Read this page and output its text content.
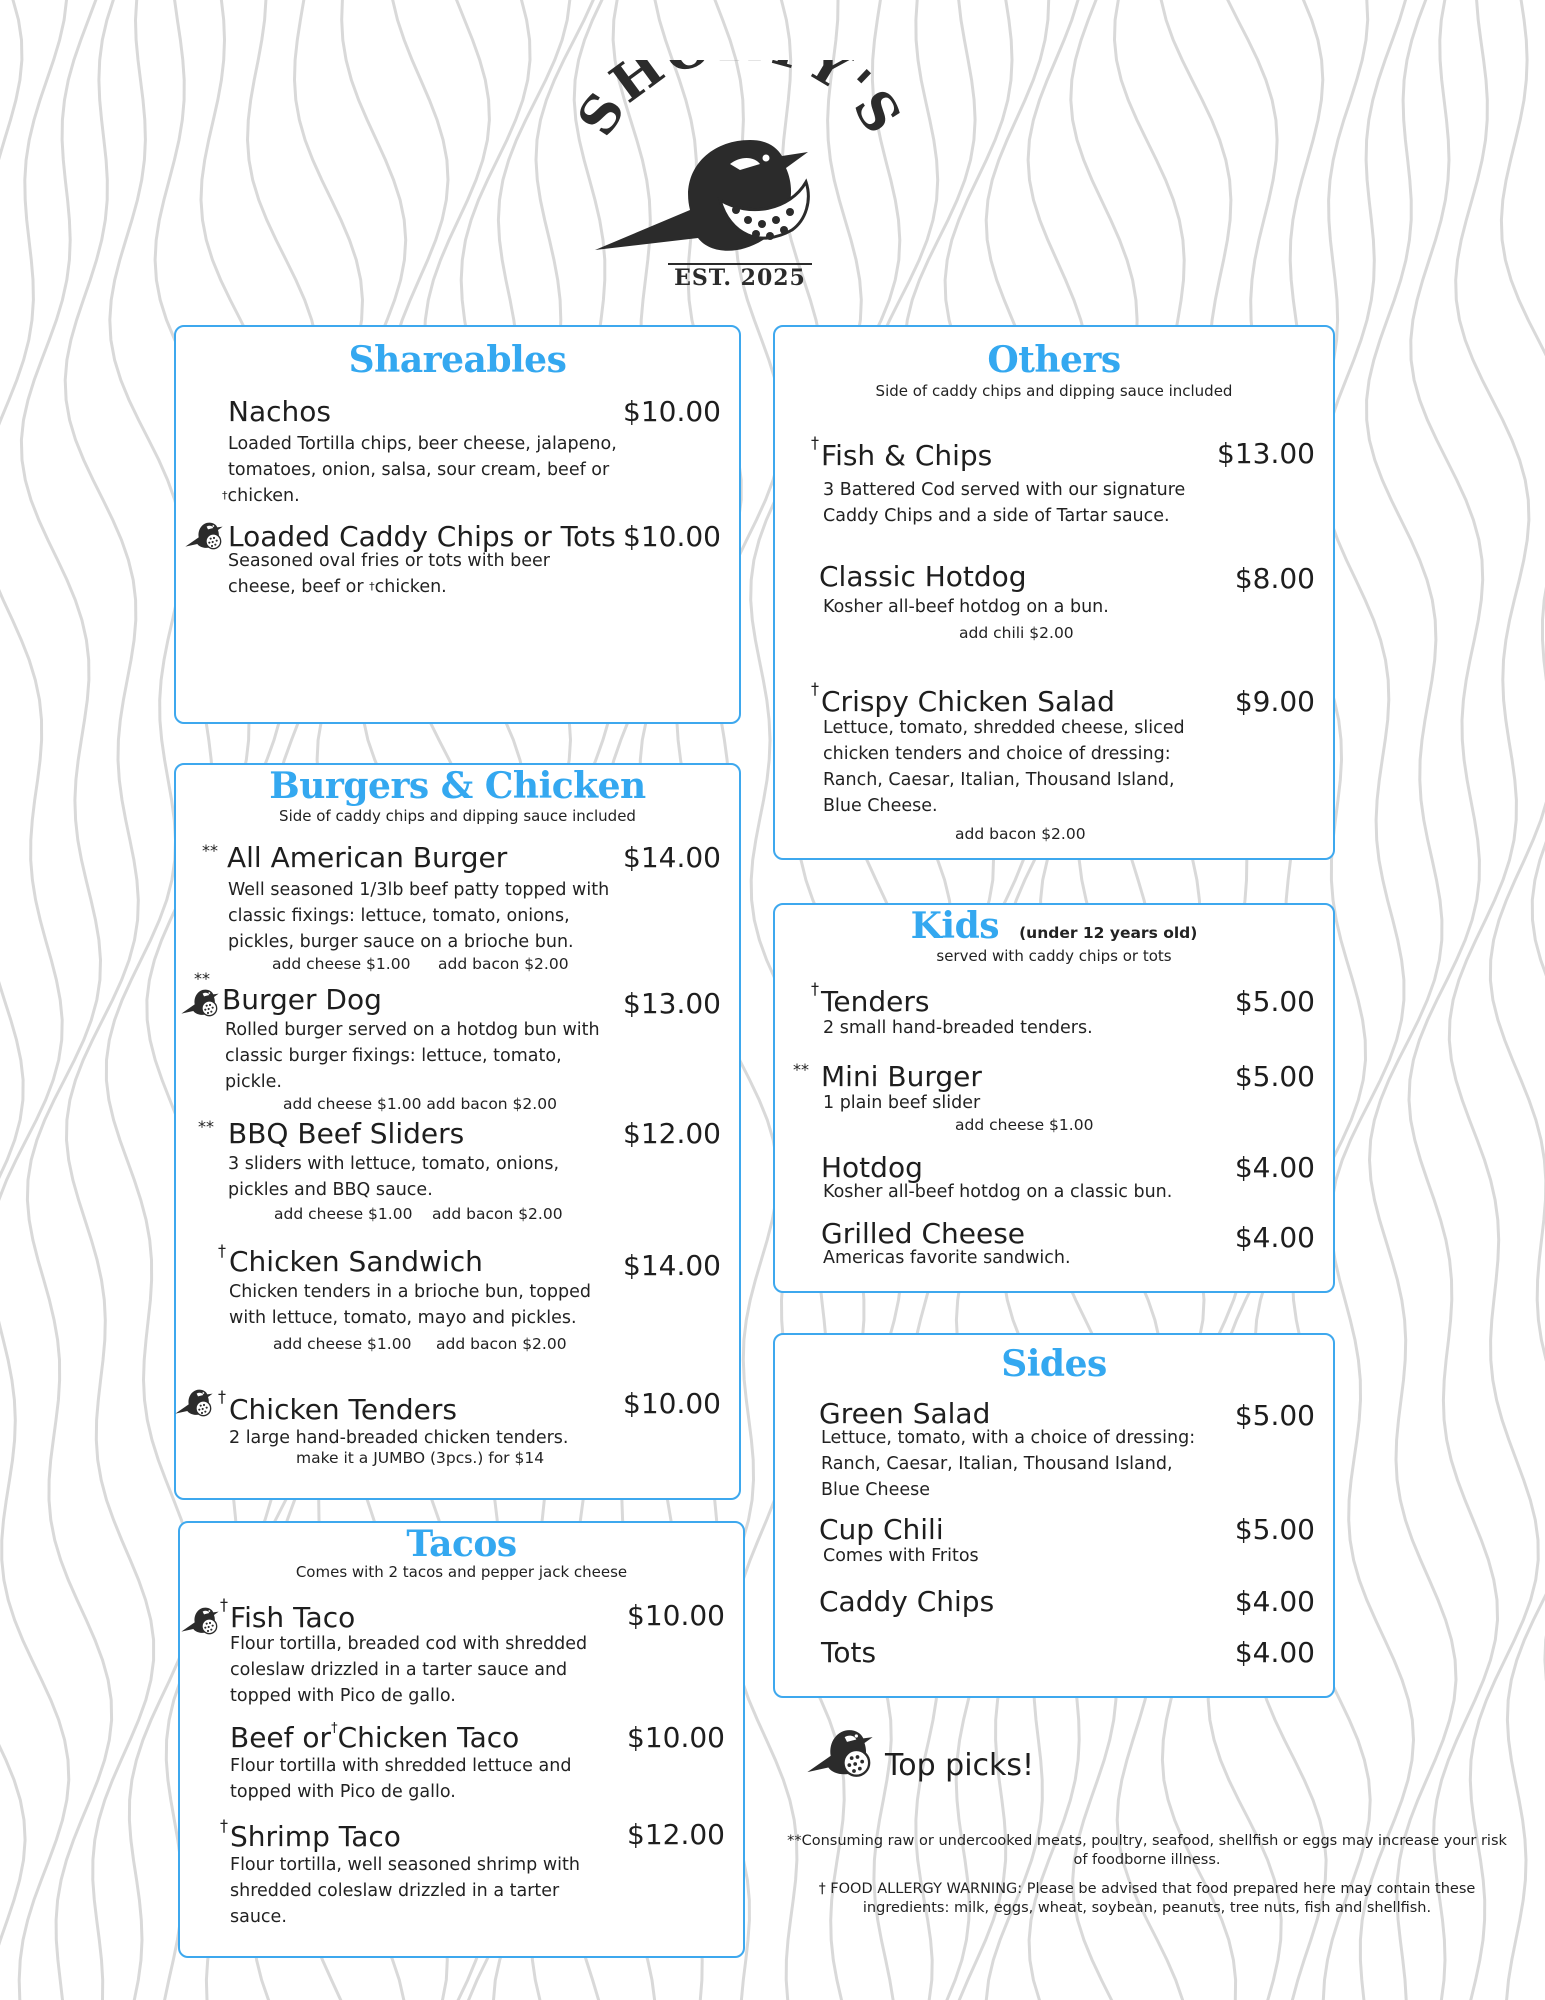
SH Y'S
EST. 2025
Shareables
Nachos	$10.00
Loaded Tortilla chips, beer cheese, jalapeno, tomatoes, onion, salsa, sour cream, beef or
†chicken.
Loaded Caddy Chips or Tots $10.00
Seasoned oval fries or tots with beer cheese, beef or †chicken.
Burgers & Chicken
Side of caddy chips and dipping sauce included
** All American Burger	$14.00
Well seasoned 1/3lb beef patty topped with classic fixings: lettuce, tomato, onions, pickles, burger sauce on a brioche bun.
add cheese $1.00 add bacon $2.00
**
Burger Dog	$13.00
Rolled burger served on a hotdog bun with classic burger fixings: lettuce, tomato, pickle.
add cheese $1.00 add bacon $2.00
** BBQ Beef Sliders	$12.00
3 sliders with lettuce, tomato, onions, pickles and BBQ sauce.
add cheese $1.00 add bacon $2.00
† Chicken Sandwich	$14.00
Chicken tenders in a brioche bun, topped with lettuce, tomato, mayo and pickles.
add cheese $1.00 add bacon $2.00
† Chicken Tenders	$10.00
2 large hand-breaded chicken tenders.
make it a JUMBO (3pcs.) for $14
Tacos
Comes with 2 tacos and pepper jack cheese
† Fish Taco	$10.00
Flour tortilla, breaded cod with shredded coleslaw drizzled in a tarter sauce and topped with Pico de gallo.
Beef or†Chicken Taco	$10.00
Flour tortilla with shredded lettuce and topped with Pico de gallo.
† Shrimp Taco	$12.00
Flour tortilla, well seasoned shrimp with shredded coleslaw drizzled in a tarter sauce.
Others
Side of caddy chips and dipping sauce included
† Fish & Chips	$13.00
3 Battered Cod served with our signature Caddy Chips and a side of Tartar sauce.
Classic Hotdog	$8.00
Kosher all-beef hotdog on a bun.
add chili $2.00
† Crispy Chicken Salad	$9.00
Lettuce, tomato, shredded cheese, sliced chicken tenders and choice of dressing: Ranch, Caesar, Italian, Thousand Island, Blue Cheese.
add bacon $2.00
Kids (under 12 years old)
served with caddy chips or tots
† Tenders	$5.00
2 small hand-breaded tenders.
** Mini Burger	$5.00
1 plain beef slider
add cheese $1.00
Hotdog	$4.00
Kosher all-beef hotdog on a classic bun.
Grilled Cheese	$4.00
Americas favorite sandwich.
Sides
Green Salad	$5.00
Lettuce, tomato, with a choice of dressing: Ranch, Caesar, Italian, Thousand Island, Blue Cheese
Cup Chili	$5.00
Comes with Fritos
Caddy Chips	$4.00
Tots	$4.00
Top picks!
**Consuming raw or undercooked meats, poultry, seafood, shellfish or eggs may increase your risk of foodborne illness.
† FOOD ALLERGY WARNING: Please be advised that food prepared here may contain these ingredients: milk, eggs, wheat, soybean, peanuts, tree nuts, fish and shellfish.
